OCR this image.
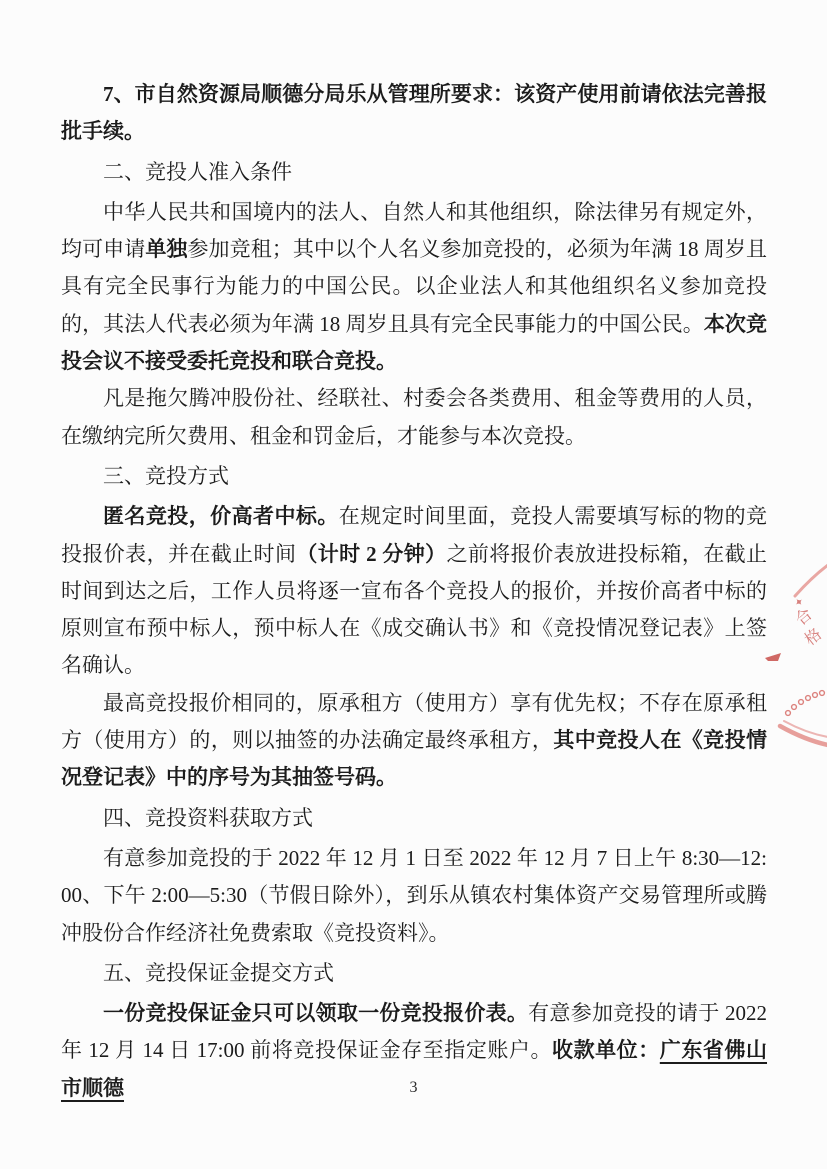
7、市自然资源局顺德分局乐从管理所要求：该资产使用前请依法完善报批手续。

二、竞投人准入条件

中华人民共和国境内的法人、自然人和其他组织，除法律另有规定外，均可申请单独参加竞租；其中以个人名义参加竞投的，必须为年满 18 周岁且具有完全民事行为能力的中国公民。以企业法人和其他组织名义参加竞投的，其法人代表必须为年满 18 周岁且具有完全民事能力的中国公民。本次竞投会议不接受委托竞投和联合竞投。

凡是拖欠腾冲股份社、经联社、村委会各类费用、租金等费用的人员，在缴纳完所欠费用、租金和罚金后，才能参与本次竞投。

三、竞投方式

匿名竞投，价高者中标。在规定时间里面，竞投人需要填写标的物的竞投报价表，并在截止时间（计时 2 分钟）之前将报价表放进投标箱，在截止时间到达之后，工作人员将逐一宣布各个竞投人的报价，并按价高者中标的原则宣布预中标人，预中标人在《成交确认书》和《竞投情况登记表》上签名确认。

最高竞投报价相同的，原承租方（使用方）享有优先权；不存在原承租方（使用方）的，则以抽签的办法确定最终承租方，其中竞投人在《竞投情况登记表》中的序号为其抽签号码。

四、竞投资料获取方式

有意参加竞投的于 2022 年 12 月 1 日至 2022 年 12 月 7 日上午 8:30—12:00、下午 2:00—5:30（节假日除外），到乐从镇农村集体资产交易管理所或腾冲股份合作经济社免费索取《竞投资料》。

五、竞投保证金提交方式

一份竞投保证金只可以领取一份竞投报价表。有意参加竞投的请于 2022 年 12 月 14 日 17:00 前将竞投保证金存至指定账户。收款单位：广东省佛山市顺德

✦
合
格
3
